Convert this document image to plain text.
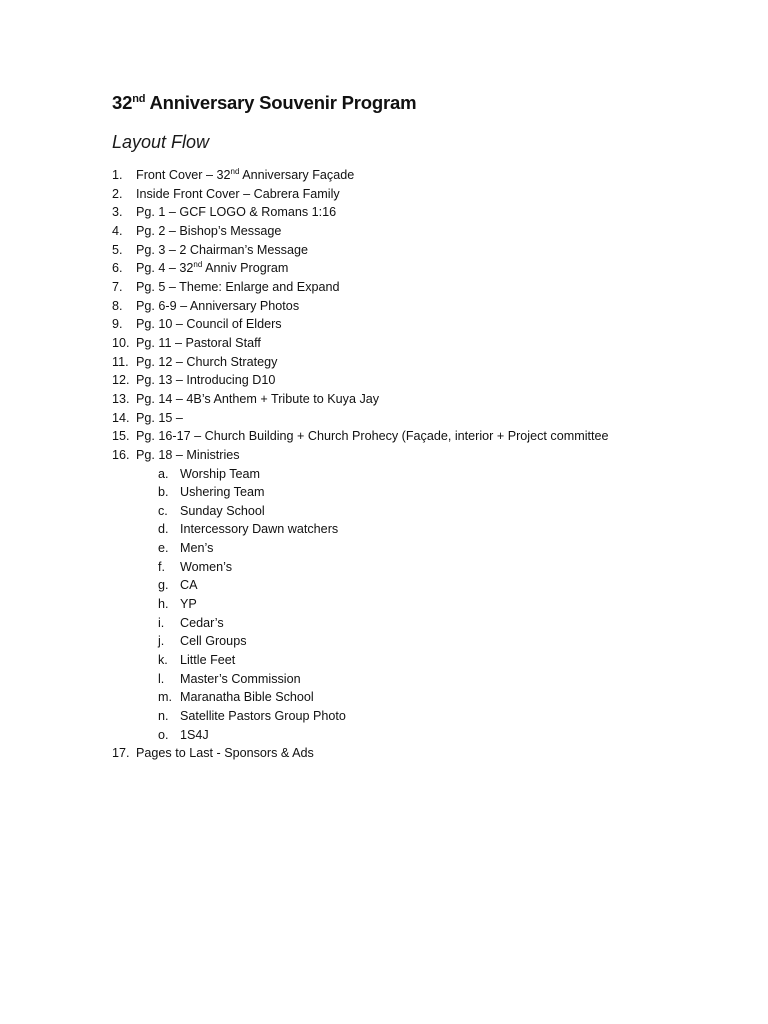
32nd Anniversary Souvenir Program
Layout Flow
1. Front Cover – 32nd Anniversary Façade
2. Inside Front Cover – Cabrera Family
3. Pg. 1 – GCF LOGO & Romans 1:16
4. Pg. 2 – Bishop’s Message
5. Pg. 3 – 2 Chairman’s Message
6. Pg. 4 – 32nd Anniv Program
7. Pg. 5 – Theme: Enlarge and Expand
8. Pg. 6-9 – Anniversary Photos
9. Pg. 10 – Council of Elders
10. Pg. 11 – Pastoral Staff
11. Pg. 12 – Church Strategy
12. Pg. 13 – Introducing D10
13. Pg. 14 – 4B’s Anthem + Tribute to Kuya Jay
14. Pg. 15 –
15. Pg. 16-17 – Church Building + Church Prohecy (Façade, interior + Project committee
16. Pg. 18 – Ministries
a. Worship Team
b. Ushering Team
c. Sunday School
d. Intercessory Dawn watchers
e. Men’s
f. Women’s
g. CA
h. YP
i. Cedar’s
j. Cell Groups
k. Little Feet
l. Master’s Commission
m. Maranatha Bible School
n. Satellite Pastors Group Photo
o. 1S4J
17. Pages to Last - Sponsors & Ads
